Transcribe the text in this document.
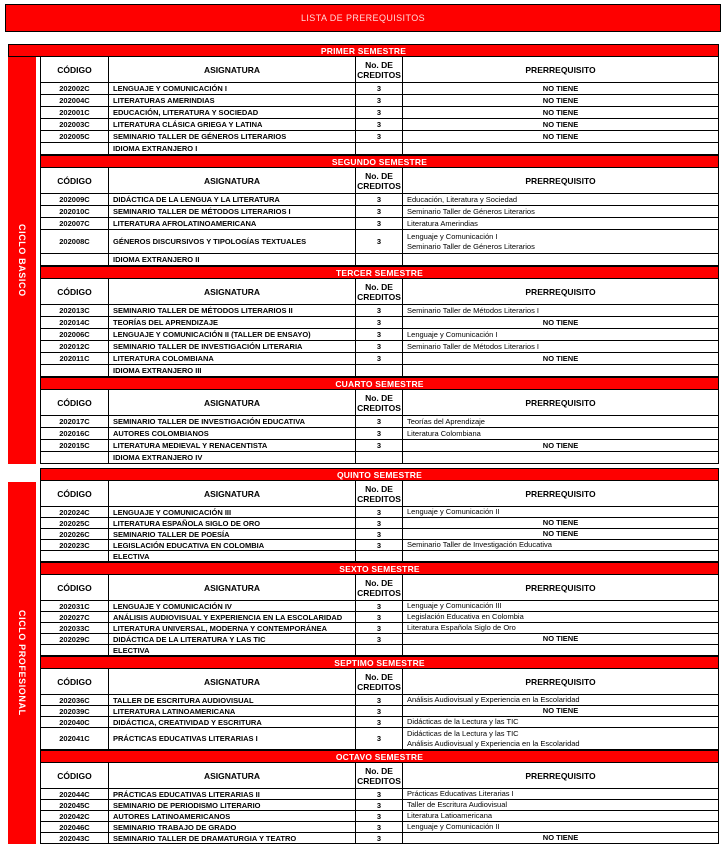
LISTA DE PREREQUISITOS
CICLO BASICO
PRIMER SEMESTRE
CÓDIGO	ASIGNATURA	No. DE
CREDITOS	PRERREQUISITO
202002C	LENGUAJE Y COMUNICACIÓN I	3	NO TIENE
202004C	LITERATURAS AMERINDIAS	3	NO TIENE
202001C	EDUCACIÓN, LITERATURA Y SOCIEDAD	3	NO TIENE
202003C	LITERATURA CLÁSICA GRIEGA Y LATINA	3	NO TIENE
202005C	SEMINARIO TALLER DE GÉNEROS LITERARIOS	3	NO TIENE
IDIOMA EXTRANJERO I
SEGUNDO SEMESTRE
CÓDIGO	ASIGNATURA	No. DE
CREDITOS	PRERREQUISITO
202009C	DIDÁCTICA DE LA LENGUA Y LA LITERATURA	3	Educación, Literatura y Sociedad
202010C	SEMINARIO TALLER DE MÉTODOS LITERARIOS I	3	Seminario Taller de Géneros Literarios
202007C	LITERATURA AFROLATINOAMERICANA	3	Literatura Amerindias
202008C	GÉNEROS DISCURSIVOS Y TIPOLOGÍAS TEXTUALES	3
Lenguaje y Comunicación I
Seminario Taller de Géneros Literarios
IDIOMA EXTRANJERO II
TERCER SEMESTRE
CÓDIGO	ASIGNATURA	No. DE
CREDITOS	PRERREQUISITO
202013C	SEMINARIO TALLER DE MÉTODOS LITERARIOS II	3	Seminario Taller de Métodos Literarios I
202014C	TEORÍAS DEL APRENDIZAJE	3	NO TIENE
202006C	LENGUAJE Y COMUNICACIÓN II (TALLER DE ENSAYO)	3	Lenguaje y Comunicación I
202012C	SEMINARIO TALLER DE INVESTIGACIÓN LITERARIA	3	Seminario Taller de Métodos Literarios I
202011C	LITERATURA COLOMBIANA	3	NO TIENE
IDIOMA EXTRANJERO III
CUARTO SEMESTRE
CÓDIGO	ASIGNATURA	No. DE
CREDITOS	PRERREQUISITO
202017C	SEMINARIO TALLER DE INVESTIGACIÓN EDUCATIVA	3	Teorías del Aprendizaje
202016C	AUTORES COLOMBIANOS	3	Literatura Colombiana
202015C	LITERATURA MEDIEVAL Y RENACENTISTA	3	NO TIENE
IDIOMA EXTRANJERO IV
CICLO PROFESIONAL
QUINTO SEMESTRE
CÓDIGO	ASIGNATURA	No. DE
CREDITOS	PRERREQUISITO
202024C	LENGUAJE Y COMUNICACIÓN III	3	Lenguaje y Comunicación II
202025C	LITERATURA ESPAÑOLA SIGLO DE ORO	3	NO TIENE
202026C	SEMINARIO TALLER DE POESÍA	3	NO TIENE
202023C	LEGISLACIÓN EDUCATIVA EN COLOMBIA	3	Seminario Taller de Investigación Educativa
ELECTIVA
SEXTO SEMESTRE
CÓDIGO	ASIGNATURA	No. DE
CREDITOS	PRERREQUISITO
202031C	LENGUAJE Y COMUNICACIÓN IV	3	Lenguaje y Comunicación III
202027C	ANÁLISIS AUDIOVISUAL Y EXPERIENCIA EN LA ESCOLARIDAD	3	Legislación Educativa en Colombia
202033C	LITERATURA UNIVERSAL, MODERNA Y CONTEMPORÁNEA	3	Literatura Española Siglo de Oro
202029C	DIDÁCTICA DE LA LITERATURA Y LAS TIC	3	NO TIENE
ELECTIVA
SEPTIMO SEMESTRE
CÓDIGO	ASIGNATURA	No. DE
CREDITOS	PRERREQUISITO
202036C	TALLER DE ESCRITURA AUDIOVISUAL	3	Análisis Audiovisual y Experiencia en la Escolaridad
202039C	LITERATURA LATINOAMERICANA	3	NO TIENE
202040C	DIDÁCTICA, CREATIVIDAD Y ESCRITURA	3	Didácticas de la Lectura y las TIC
202041C	PRÁCTICAS EDUCATIVAS LITERARIAS I	3
Didácticas de la Lectura y las TIC
Análisis Audiovisual y Experiencia en la Escolaridad
OCTAVO SEMESTRE
CÓDIGO	ASIGNATURA	No. DE
CREDITOS	PRERREQUISITO
202044C	PRÁCTICAS EDUCATIVAS LITERARIAS II	3	Prácticas Educativas Literarias I
202045C	SEMINARIO DE PERIODISMO LITERARIO	3	Taller de Escritura Audiovisual
202042C	AUTORES LATINOAMERICANOS	3	Literatura Latioamericana
202046C	SEMINARIO TRABAJO DE GRADO	3	Lenguaje y Comunicación II
202043C	SEMINARIO TALLER DE DRAMATURGIA Y TEATRO	3	NO TIENE
